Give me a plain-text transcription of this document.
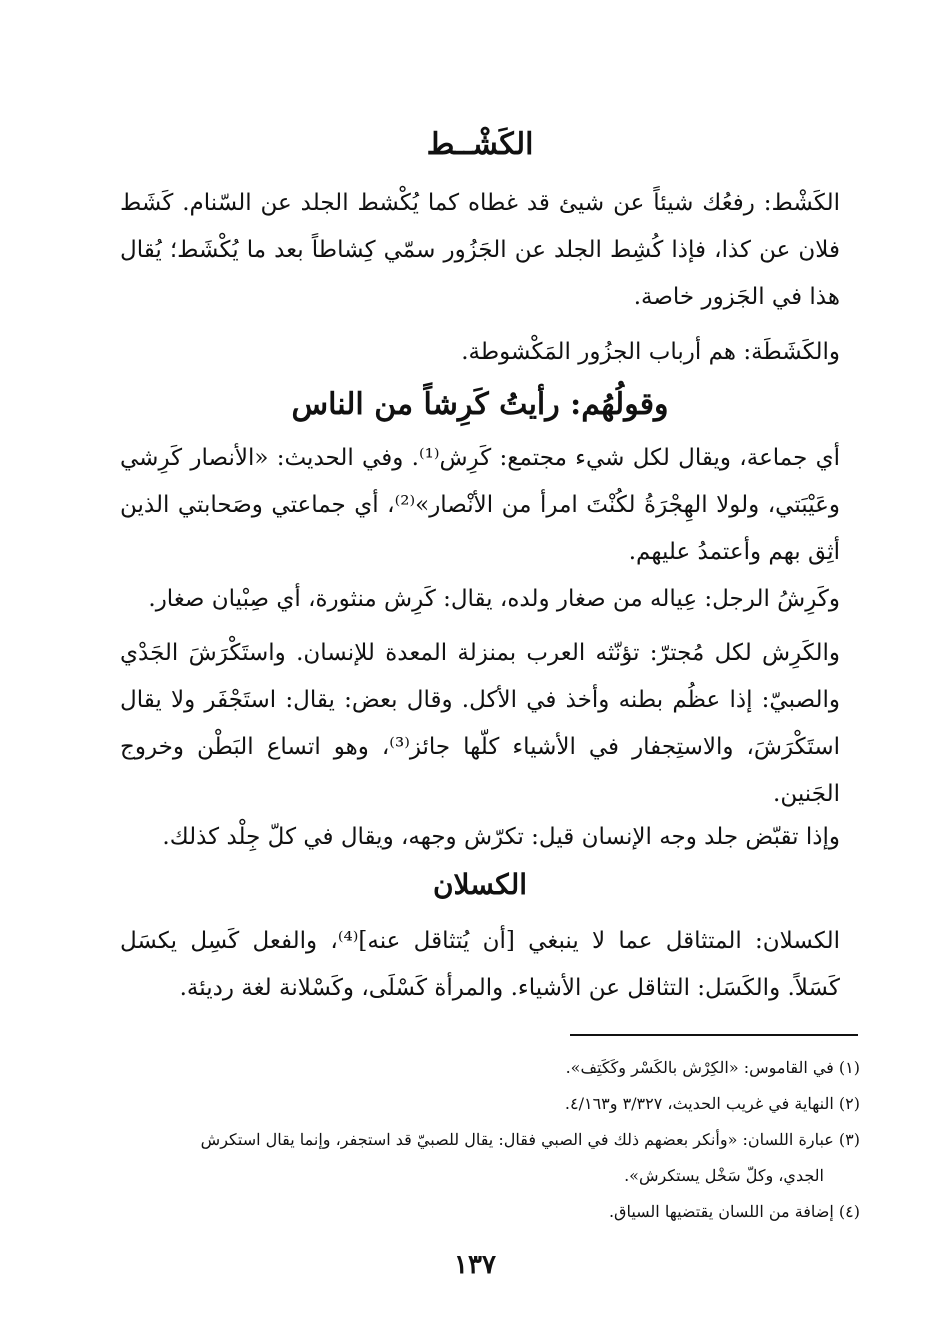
الكَشْــط
الكَشْط: رفعُك شيئاً عن شيئ قد غطاه كما يُكْشط الجلد عن السّنام. كَشَط فلان عن كذا، فإذا كُشِط الجلد عن الجَزُور سمّي كِشاطاً بعد ما يُكْشَط؛ يُقال هذا في الجَزور خاصة.
والكَشَطَة: هم أرباب الجزُور المَكْشوطة.
وقولُهُم: رأيتُ كَرِشاً من الناس
أي جماعة، ويقال لكل شيء مجتمع: كَرِش⁽¹⁾. وفي الحديث: «الأنصار كَرِشي وعَيْبَتي، ولولا الهِجْرَةُ لكُنْتَ امرأ من الأنْصار»⁽²⁾، أي جماعتي وصَحابتي الذين أثِق بهم وأعتمدُ عليهم.
وكَرِشُ الرجل: عِياله من صغار ولده، يقال: كَرِش منثورة، أي صِبْيان صغار.
والكَرِش لكل مُجترّ: تؤنّثه العرب بمنزلة المعدة للإنسان. واستَكْرَشَ الجَدْي والصبيّ: إذا عظُم بطنه وأخذ في الأكل. وقال بعض: يقال: استَجْفَر ولا يقال استَكْرَشَ، والاستِجفار في الأشياء كلّها جائز⁽³⁾، وهو اتساع البَطْن وخروج الجَنين.
وإذا تقبّض جلد وجه الإنسان قيل: تكرّش وجهه، ويقال في كلّ جِلْد كذلك.
الكسلان
الكسلان: المتثاقل عما لا ينبغي [أن يُتثاقل عنه]⁽⁴⁾، والفعل كَسِل يكسَل كَسَلاً. والكَسَل: التثاقل عن الأشياء. والمرأة كَسْلَى، وكَسْلانة لغة رديئة.
(١) في القاموس: «الكِرْش بالكَسْر وكَكَتِف».
(٢) النهاية في غريب الحديث، ٣/٣٢٧ و٤/١٦٣.
(٣) عبارة اللسان: «وأنكر بعضهم ذلك في الصبي فقال: يقال للصبيّ قد استجفر، وإنما يقال استكرش
الجدي، وكلّ سَخْل يستكرش».
(٤) إضافة من اللسان يقتضيها السياق.
١٣٧
